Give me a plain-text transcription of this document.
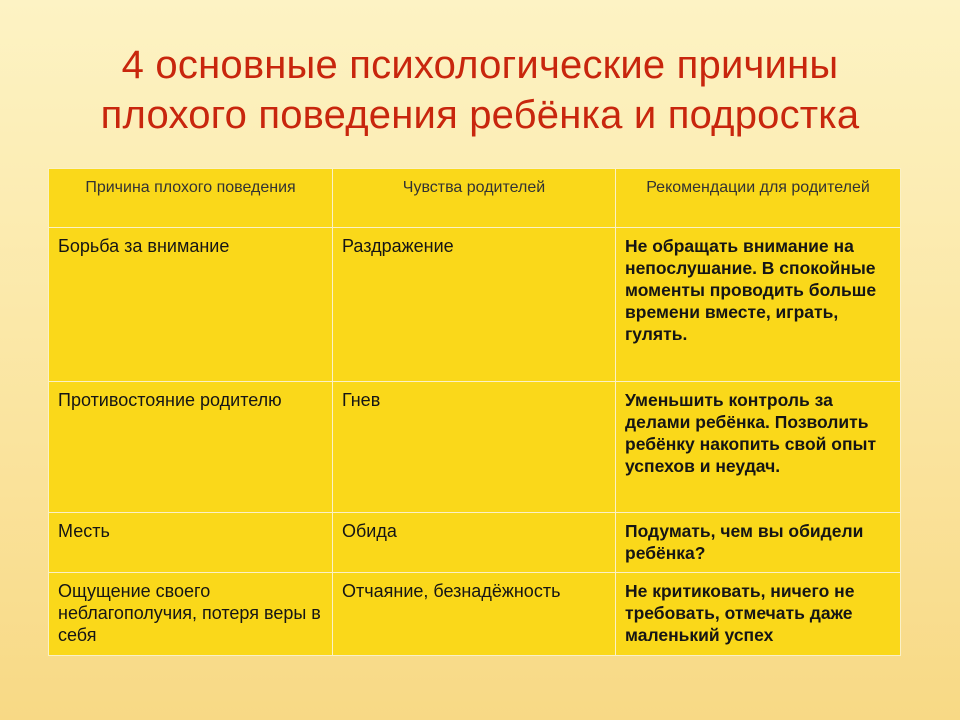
4 основные психологические причины
плохого поведения ребёнка и подростка
Причина плохого поведения	Чувства родителей	Рекомендации для родителей
Борьба за внимание	Раздражение	Не обращать внимание на непослушание. В спокойные моменты проводить больше времени вместе, играть, гулять.
Противостояние родителю	Гнев	Уменьшить контроль за делами ребёнка. Позволить ребёнку накопить свой опыт успехов и неудач.
Месть	Обида	Подумать, чем вы обидели ребёнка?
Ощущение своего неблагополучия, потеря веры в себя	Отчаяние, безнадёжность	Не критиковать, ничего не требовать, отмечать даже маленький успех
